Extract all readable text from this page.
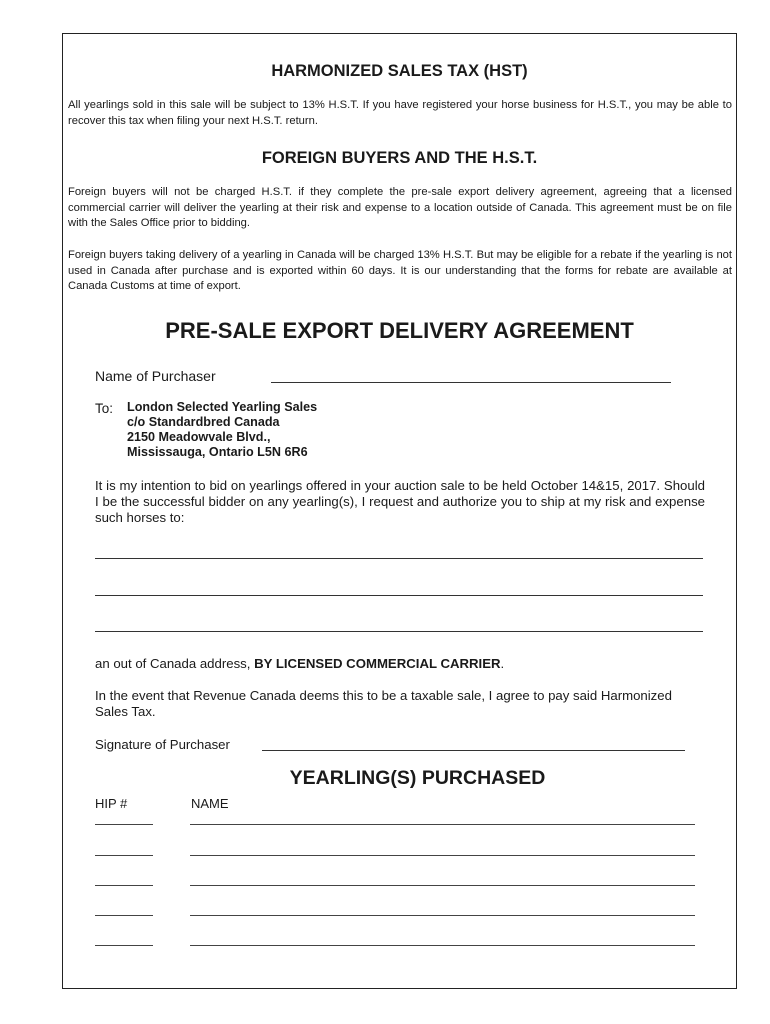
HARMONIZED SALES TAX (HST)
All yearlings sold in this sale will be subject to 13% H.S.T. If you have registered your horse business for H.S.T., you may be able to recover this tax when filing your next H.S.T. return.
FOREIGN BUYERS AND THE H.S.T.
Foreign buyers will not be charged H.S.T. if they complete the pre-sale export delivery agreement, agreeing that a licensed commercial carrier will deliver the yearling at their risk and expense to a location outside of Canada. This agreement must be on file with the Sales Office prior to bidding.
Foreign buyers taking delivery of a yearling in Canada will be charged 13% H.S.T. But may be eligible for a rebate if the yearling is not used in Canada after purchase and is exported within 60 days. It is our understanding that the forms for rebate are available at Canada Customs at time of export.
PRE-SALE EXPORT DELIVERY AGREEMENT
Name of Purchaser
To: London Selected Yearling Sales
c/o Standardbred Canada
2150 Meadowvale Blvd.,
Mississauga, Ontario L5N 6R6
It is my intention to bid on yearlings offered in your auction sale to be held October 14&15, 2017. Should I be the successful bidder on any yearling(s), I request and authorize you to ship at my risk and expense such horses to:
an out of Canada address, BY LICENSED COMMERCIAL CARRIER.
In the event that Revenue Canada deems this to be a taxable sale, I agree to pay said Harmonized Sales Tax.
Signature of Purchaser
YEARLING(S) PURCHASED
HIP #	NAME
